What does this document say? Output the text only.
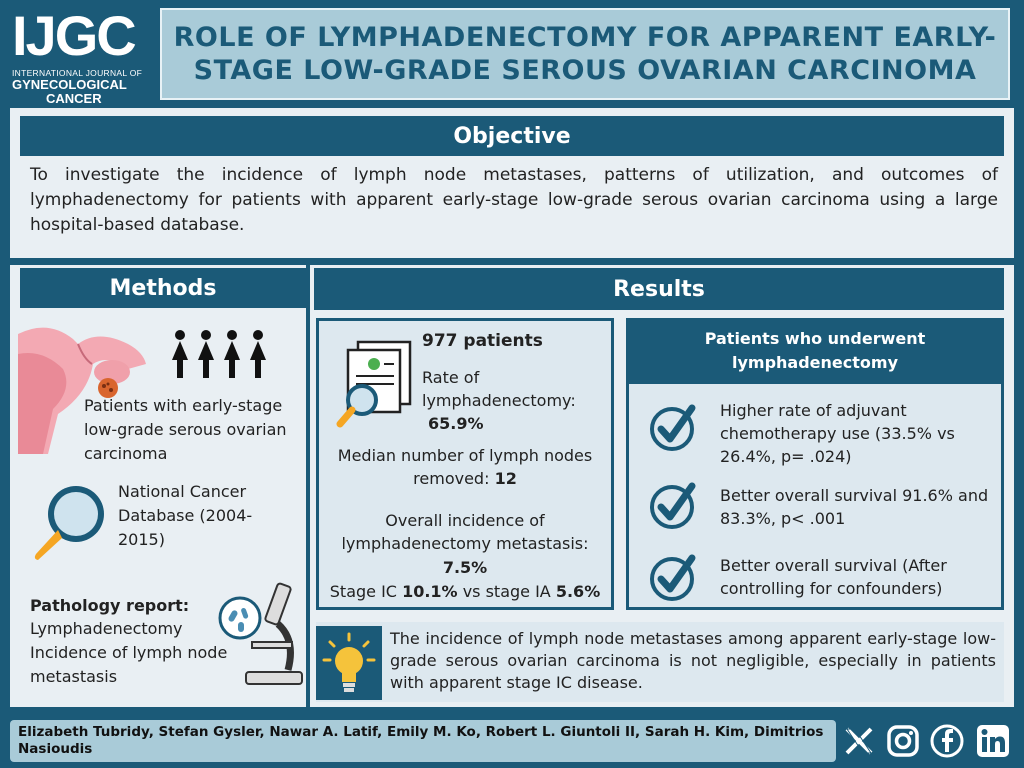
IJGC
INTERNATIONAL JOURNAL OF
GYNECOLOGICAL
CANCER
ROLE OF LYMPHADENECTOMY FOR APPARENT EARLY-STAGE LOW-GRADE SEROUS OVARIAN CARCINOMA
Objective
To investigate the incidence of lymph node metastases, patterns of utilization, and outcomes of lymphadenectomy for patients with apparent early-stage low-grade serous ovarian carcinoma using a large hospital-based database.
Methods
Patients with early-stage low-grade serous ovarian carcinoma
National Cancer Database (2004-2015)
Pathology report:
Lymphadenectomy
Incidence of lymph node metastasis
Results
977 patients
Rate of lymphadenectomy:
65.9%
Median number of lymph nodes removed: 12
Overall incidence of lymphadenectomy metastasis:
7.5%
Stage IC 10.1% vs stage IA 5.6%
Patients who underwent lymphadenectomy
Higher rate of adjuvant chemotherapy use (33.5% vs 26.4%, p= .024)
Better overall survival 91.6% and 83.3%, p< .001
Better overall survival (After controlling for confounders)
The incidence of lymph node metastases among apparent early-stage low-grade serous ovarian carcinoma is not negligible, especially in patients with apparent stage IC disease.
Elizabeth Tubridy, Stefan Gysler, Nawar A. Latif, Emily M. Ko, Robert L. Giuntoli II, Sarah H. Kim, Dimitrios Nasioudis
